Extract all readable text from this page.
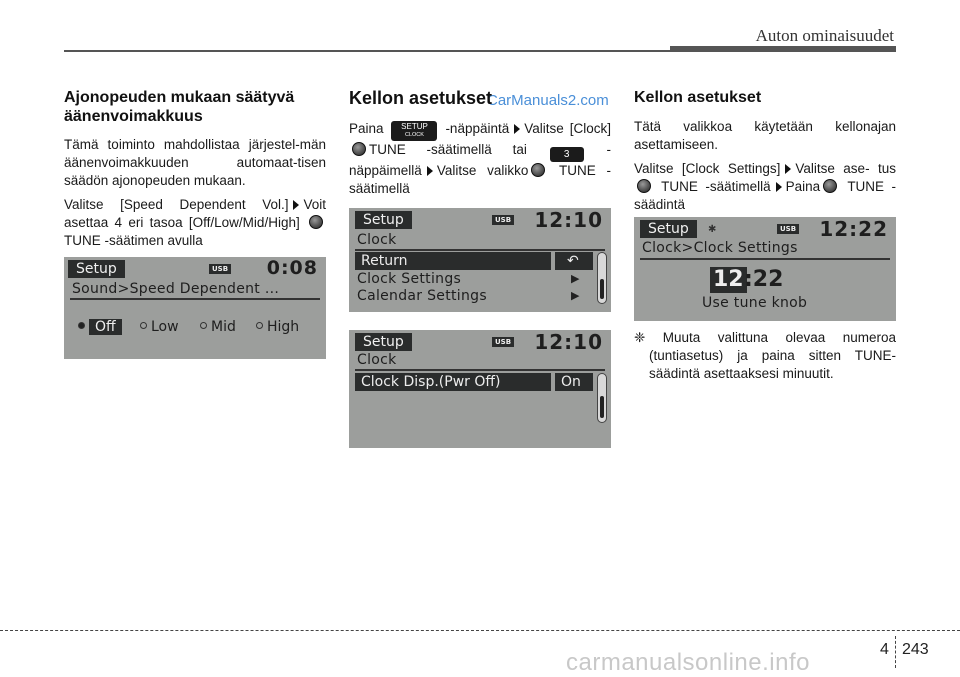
Auton ominaisuudet
CarManuals2.com
Ajonopeuden mukaan säätyvä äänenvoimakkuus

Tämä toiminto mahdollistaa järjestel-män äänenvoimakkuuden automaat-tisen säädön ajonopeuden mukaan.

Valitse [Speed Dependent Vol.] Voit asettaa 4 eri tasoa [Off/Low/Mid/High]  TUNE -säätimen avulla

Setup	USB 0:08
Sound>Speed Dependent ...
Off	Low	Mid	High
Kellon asetukset

Paina	SETUP
CLOCK	-näppäintä Valitse [Clock]TUNE -säätimellä tai	3	-näppäimellä Valitse valikko TUNE -säätimellä

Setup	USB 12:10
Clock
Return	↶
Clock Settings	▶
Calendar Settings	▶
Setup	USB 12:10
Clock
Clock Disp.(Pwr Off)	On
Kellon asetukset

Tätä valikkoa käytetään kellonajan asettamiseen.

Valitse [Clock Settings] Valitse ase- tus  TUNE -säätimellä Paina TUNE -säädintä

Setup	✱	USB 12:22
Clock>Clock Settings
12 :22
Use tune knob

❈ Muuta valittuna olevaa numeroa (tuntiasetus) ja paina sitten TUNE-säädintä asettaaksesi minuutit.

4 243
carmanualsonline.info
